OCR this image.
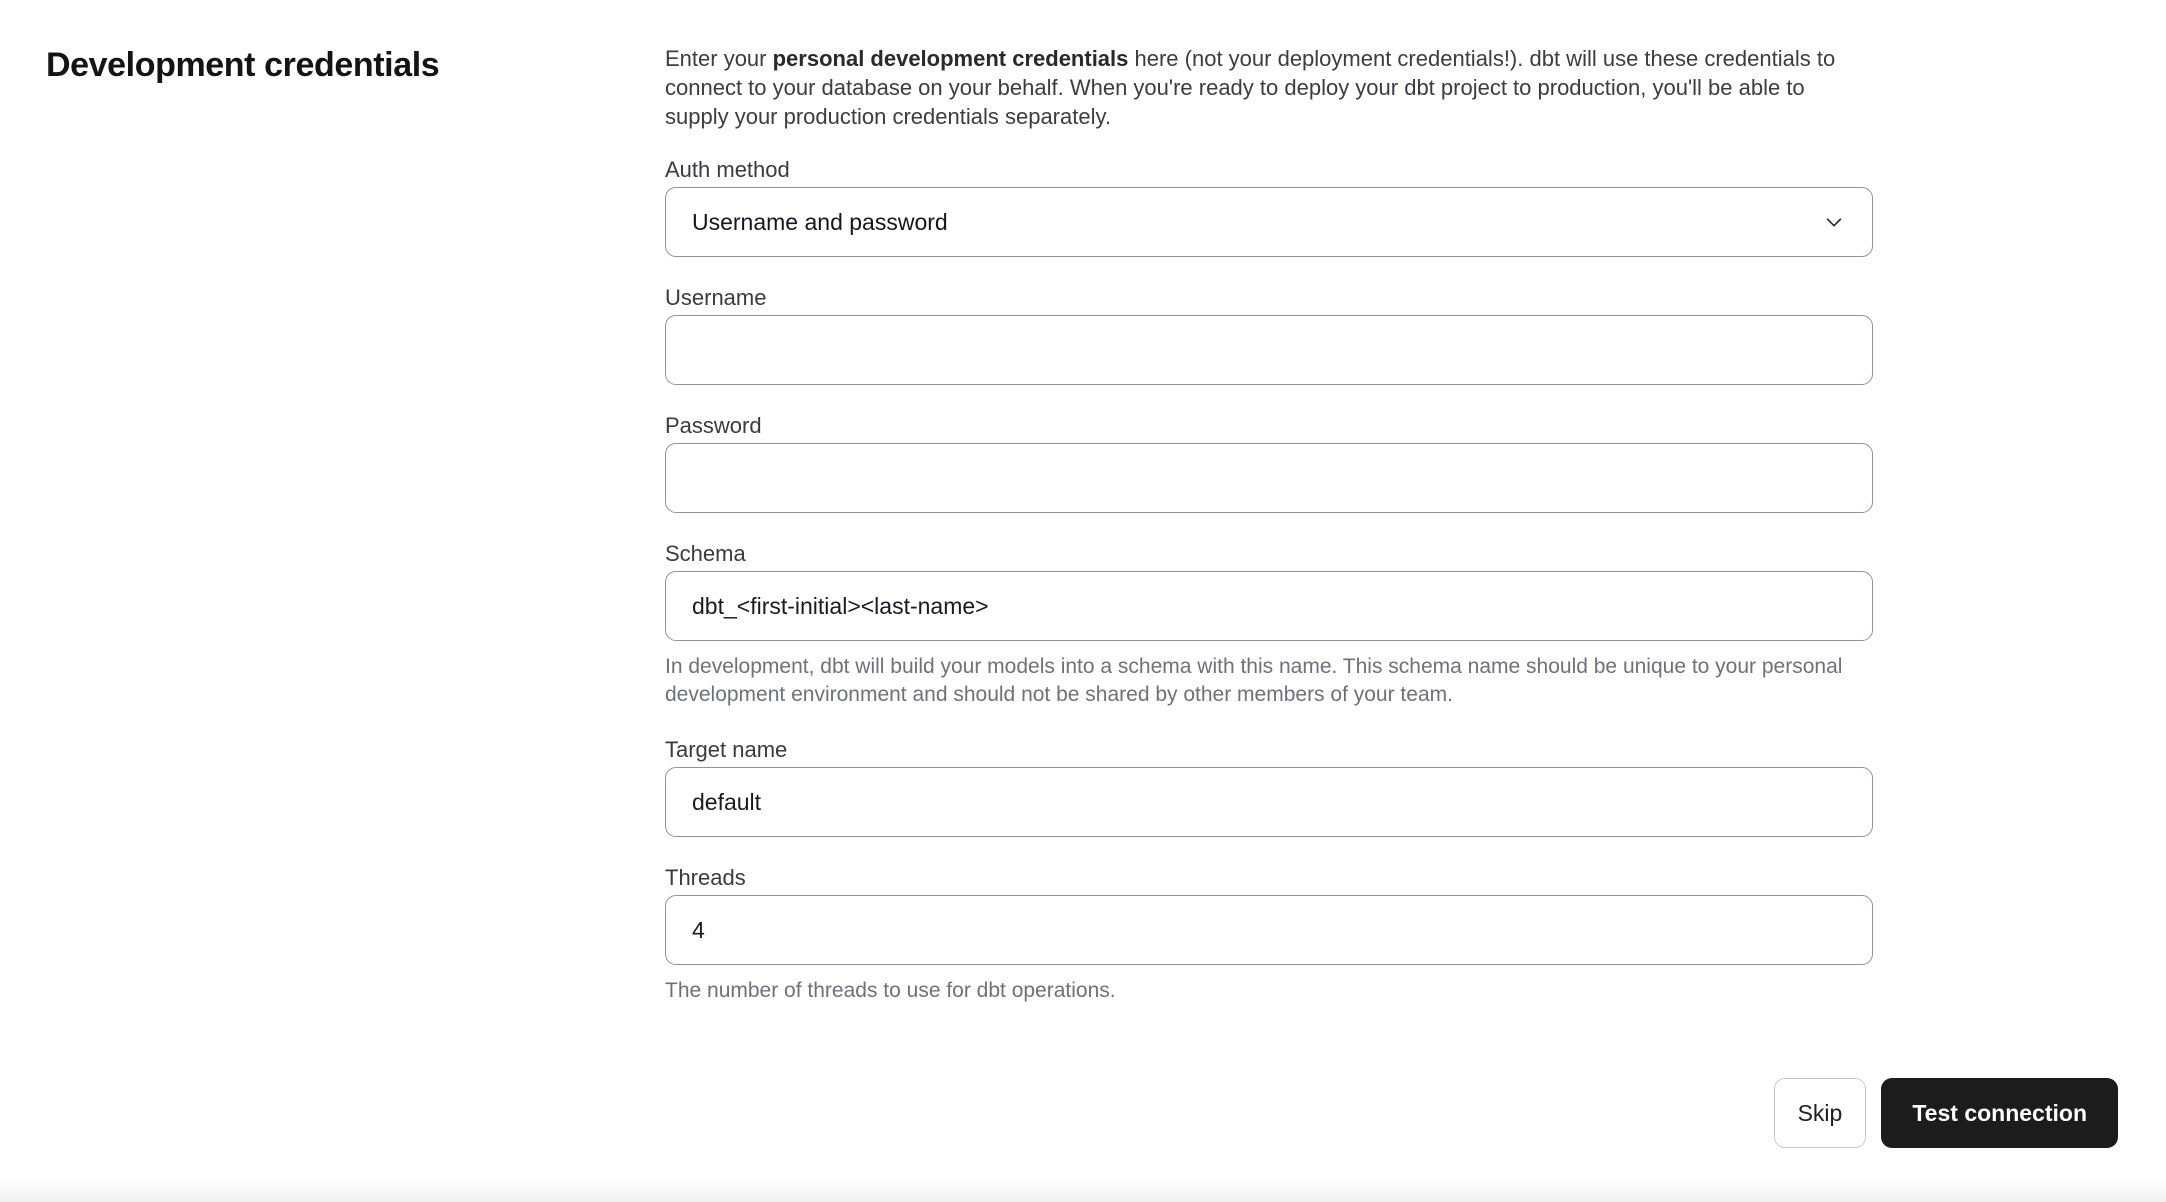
Development credentials	Enter your personal development credentials here (not your deployment credentials!). dbt will use these credentials to connect to your database on your behalf. When you're ready to deploy your dbt project to production, you'll be able to supply your production credentials separately.

Auth method
Username and password
Username
Password
Schema
dbt_<first-initial><last-name>
In development, dbt will build your models into a schema with this name. This schema name should be unique to your personal development environment and should not be shared by other members of your team.
Target name
default
Threads
4
The number of threads to use for dbt operations.
Skip	Test connection
